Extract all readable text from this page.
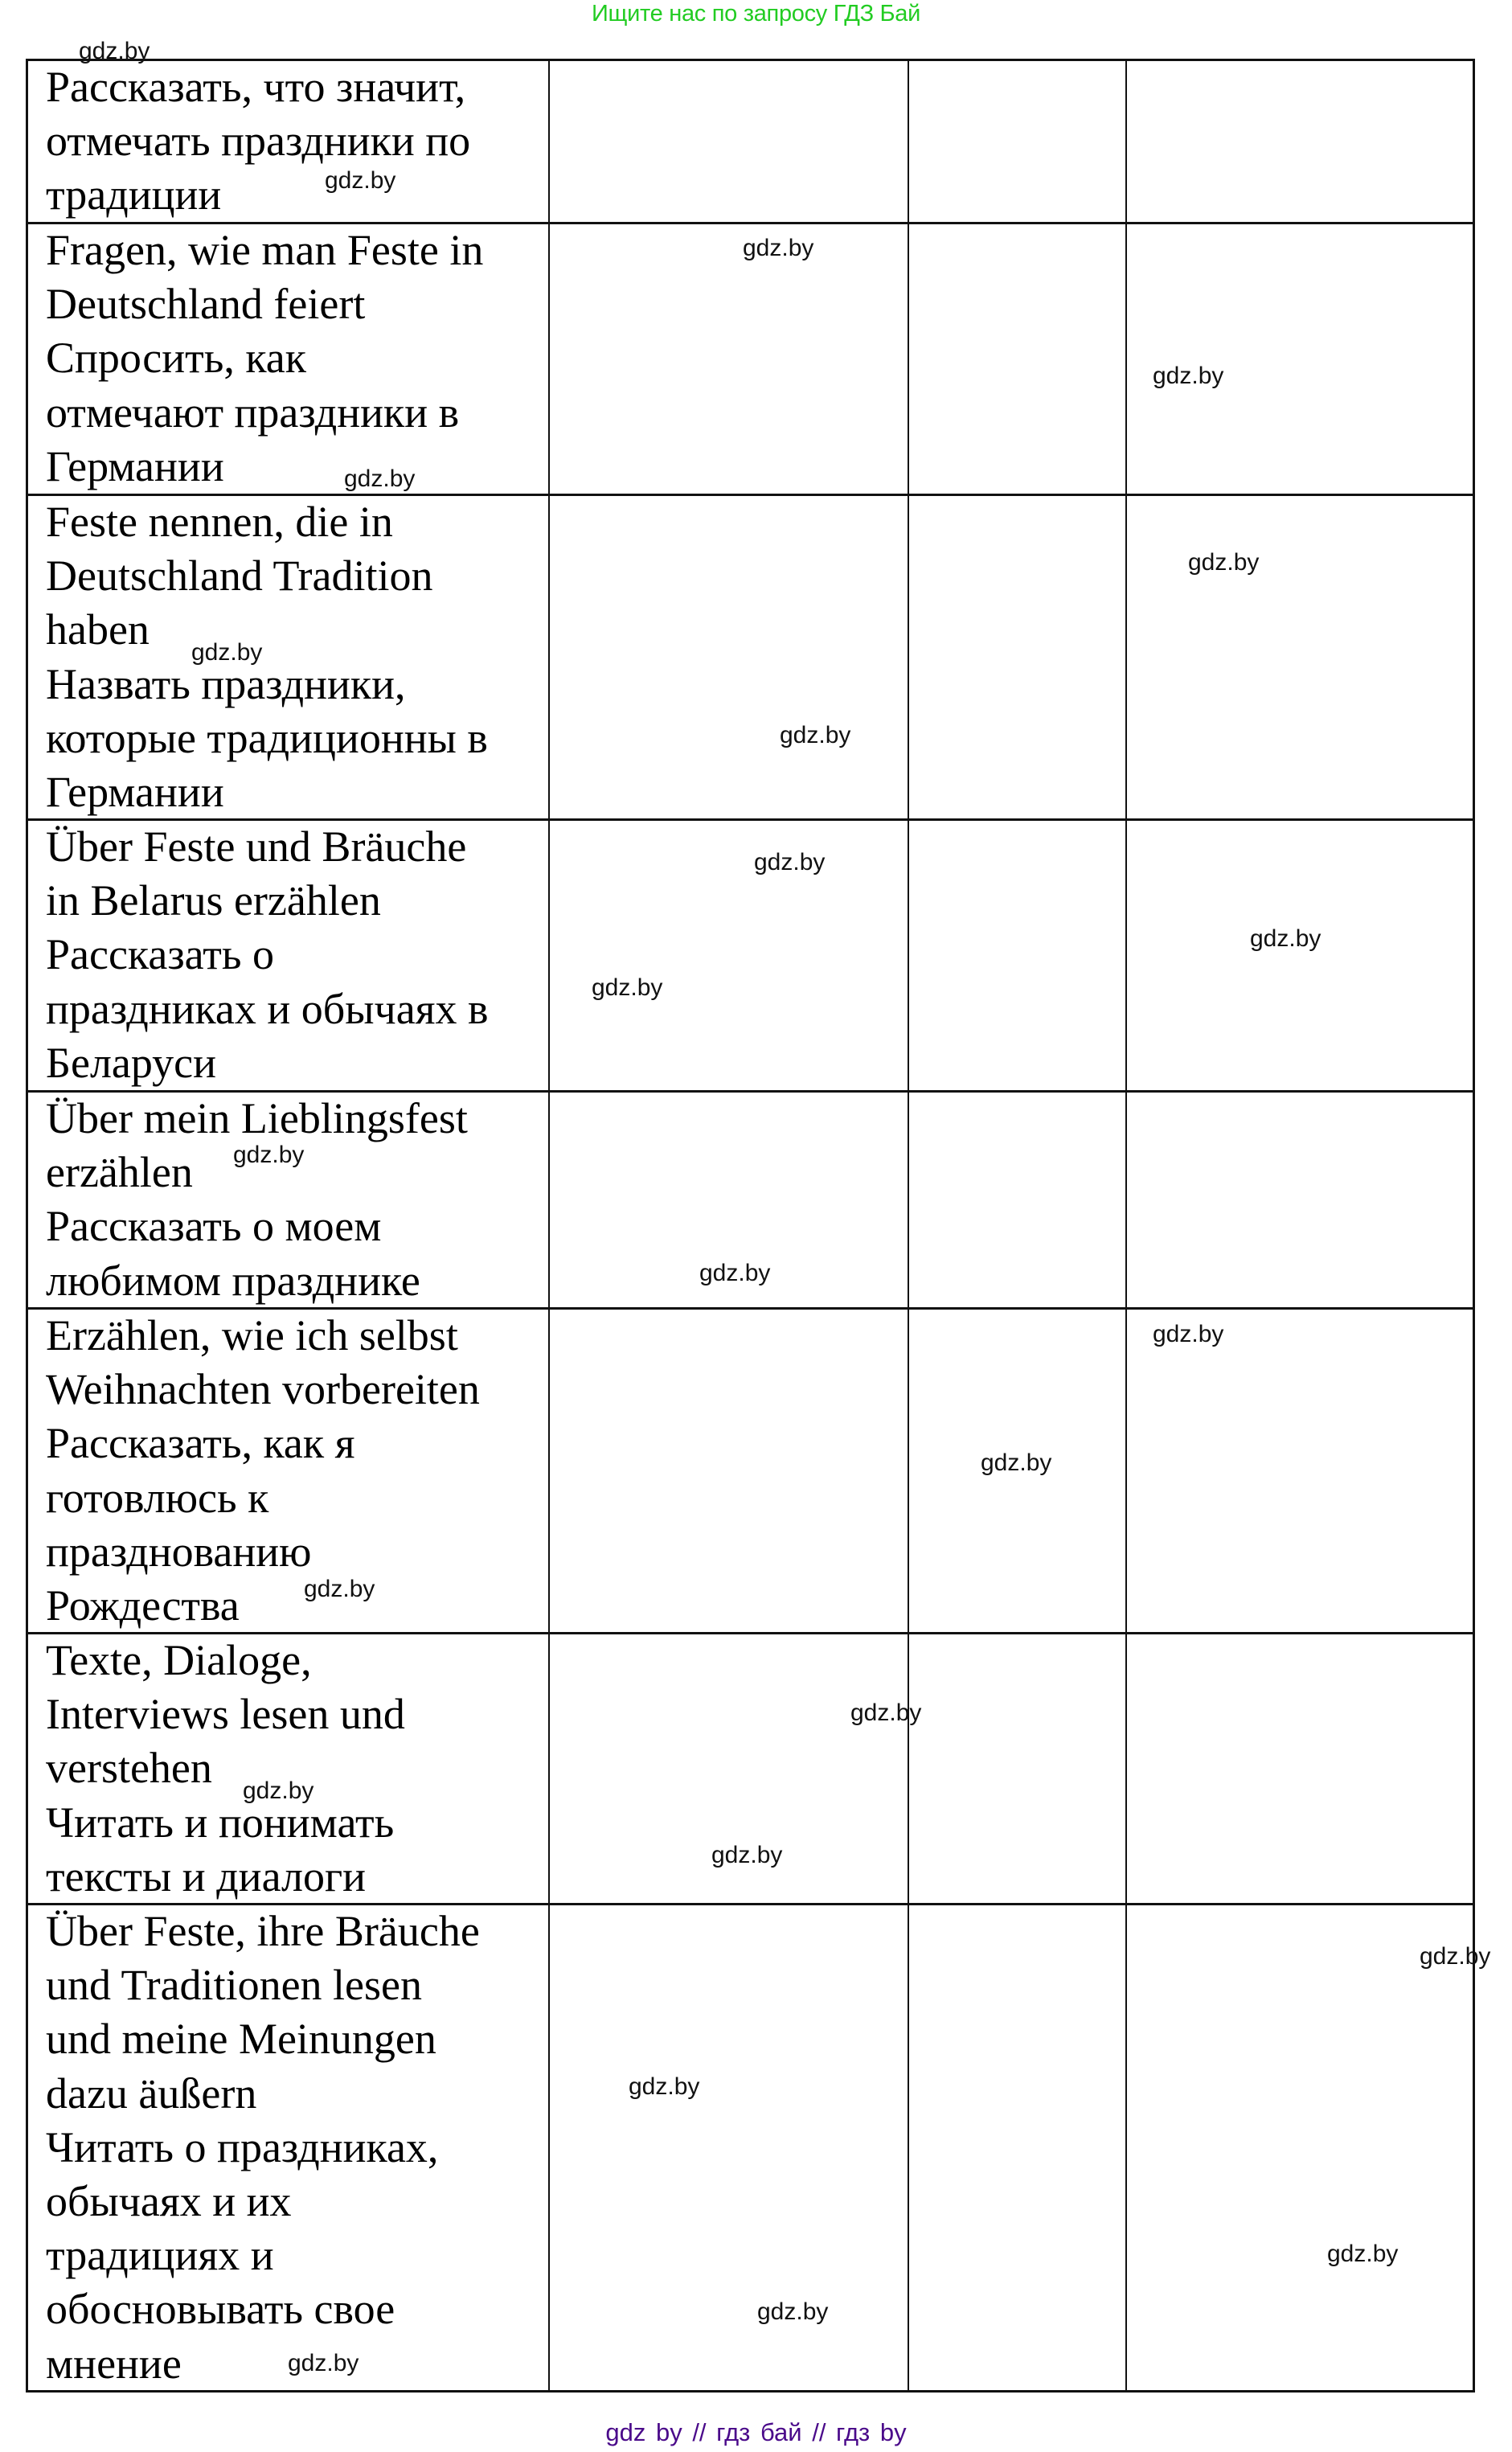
Ищите нас по запросу ГДЗ Бай
Рассказать, что значит,
отмечать праздники по
традиции
Fragen, wie man Feste in
Deutschland feiert
Спросить, как
отмечают праздники в
Германии
Feste nennen, die in
Deutschland Tradition
haben
Назвать праздники,
которые традиционны в
Германии
Über Feste und Bräuche
in Belarus erzählen
Рассказать о
праздниках и обычаях в
Беларуси
Über mein Lieblingsfest
erzählen
Рассказать о моем
любимом празднике
Erzählen, wie ich selbst
Weihnachten vorbereiten
Рассказать, как я
готовлюсь к
празднованию
Рождества
Texte, Dialoge,
Interviews lesen und
verstehen
Читать и понимать
тексты и диалоги
Über Feste, ihre Bräuche
und Traditionen lesen
und meine Meinungen
dazu äußern
Читать о праздниках,
обычаях и их
традициях и
обосновывать свое
мнение
gdz.by
gdz.by
gdz.by
gdz.by
gdz.by
gdz.by
gdz.by
gdz.by
gdz.by
gdz.by
gdz.by
gdz.by
gdz.by
gdz.by
gdz.by
gdz.by
gdz.by
gdz.by
gdz.by
gdz.by
gdz.by
gdz.by
gdz.by
gdz.by
gdz by // гдз бай // гдз by
